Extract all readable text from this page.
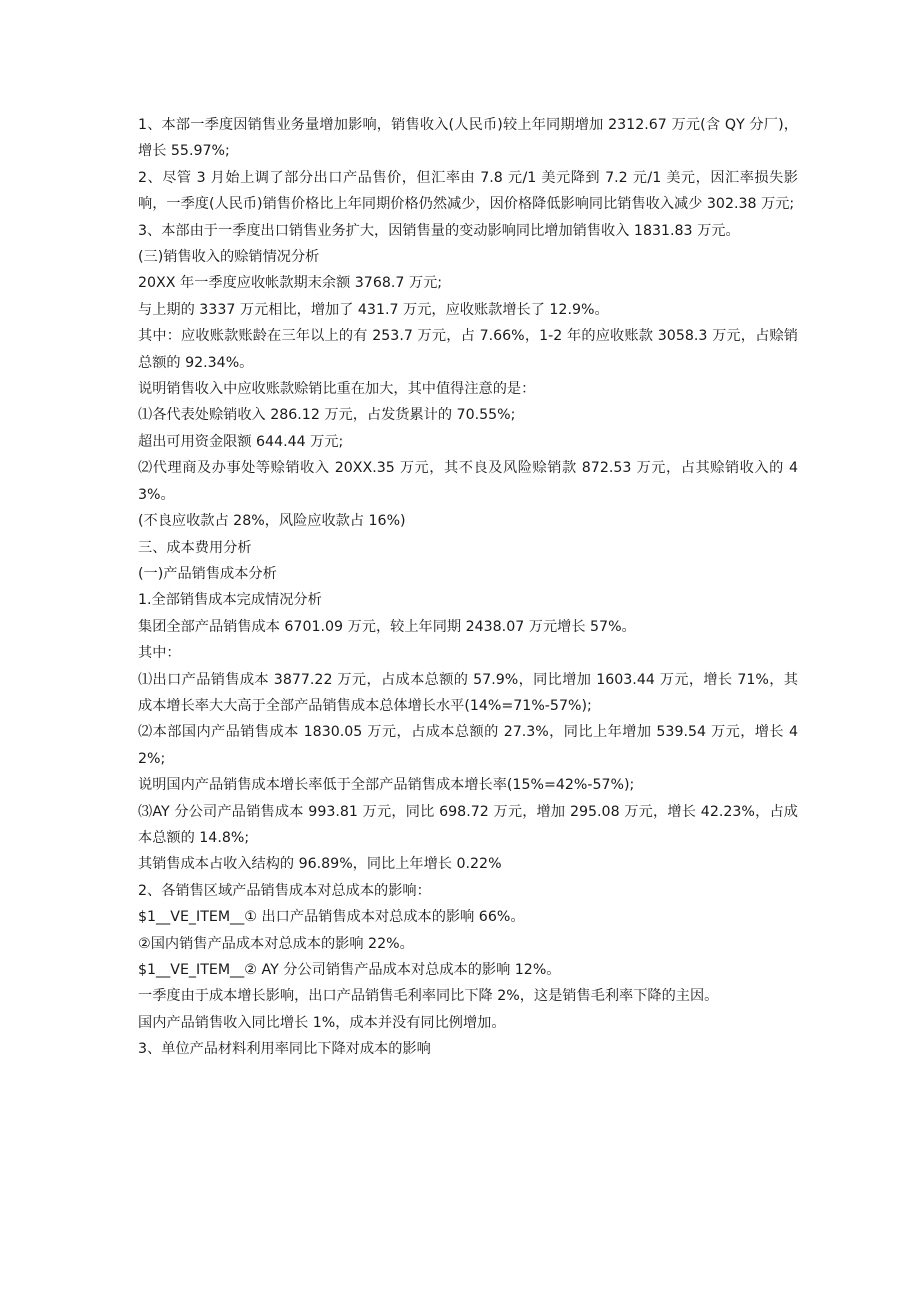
1、本部一季度因销售业务量增加影响，销售收入(人民币)较上年同期增加 2312.67 万元(含 QY 分厂)，增长 55.97%;

2、尽管 3 月始上调了部分出口产品售价，但汇率由 7.8 元/1 美元降到 7.2 元/1 美元，因汇率损失影响，一季度(人民币)销售价格比上年同期价格仍然减少，因价格降低影响同比销售收入减少 302.38 万元;

3、本部由于一季度出口销售业务扩大，因销售量的变动影响同比增加销售收入 1831.83 万元。

(三)销售收入的赊销情况分析

20XX 年一季度应收帐款期末余额 3768.7 万元;

与上期的 3337 万元相比，增加了 431.7 万元，应收账款增长了 12.9%。

其中：应收账款账龄在三年以上的有 253.7 万元，占 7.66%，1-2 年的应收账款 3058.3 万元，占赊销总额的 92.34%。

说明销售收入中应收账款赊销比重在加大，其中值得注意的是：

⑴各代表处赊销收入 286.12 万元，占发货累计的 70.55%;

超出可用资金限额 644.44 万元;

⑵代理商及办事处等赊销收入 20XX.35 万元，其不良及风险赊销款 872.53 万元，占其赊销收入的 43%。

(不良应收款占 28%，风险应收款占 16%)

三、成本费用分析

(一)产品销售成本分析

1.全部销售成本完成情况分析

集团全部产品销售成本 6701.09 万元，较上年同期 2438.07 万元增长 57%。

其中：

⑴出口产品销售成本 3877.22 万元，占成本总额的 57.9%，同比增加 1603.44 万元，增长 71%，其成本增长率大大高于全部产品销售成本总体增长水平(14%=71%-57%);

⑵本部国内产品销售成本 1830.05 万元，占成本总额的 27.3%，同比上年增加 539.54 万元，增长 42%;

说明国内产品销售成本增长率低于全部产品销售成本增长率(15%=42%-57%);

⑶AY 分公司产品销售成本 993.81 万元，同比 698.72 万元，增加 295.08 万元，增长 42.23%，占成本总额的 14.8%;

其销售成本占收入结构的 96.89%，同比上年增长 0.22%

2、各销售区域产品销售成本对总成本的影响：

$1__VE_ITEM__① 出口产品销售成本对总成本的影响 66%。

②国内销售产品成本对总成本的影响 22%。

$1__VE_ITEM__② AY 分公司销售产品成本对总成本的影响 12%。

一季度由于成本增长影响，出口产品销售毛利率同比下降 2%，这是销售毛利率下降的主因。

国内产品销售收入同比增长 1%，成本并没有同比例增加。

3、单位产品材料利用率同比下降对成本的影响
